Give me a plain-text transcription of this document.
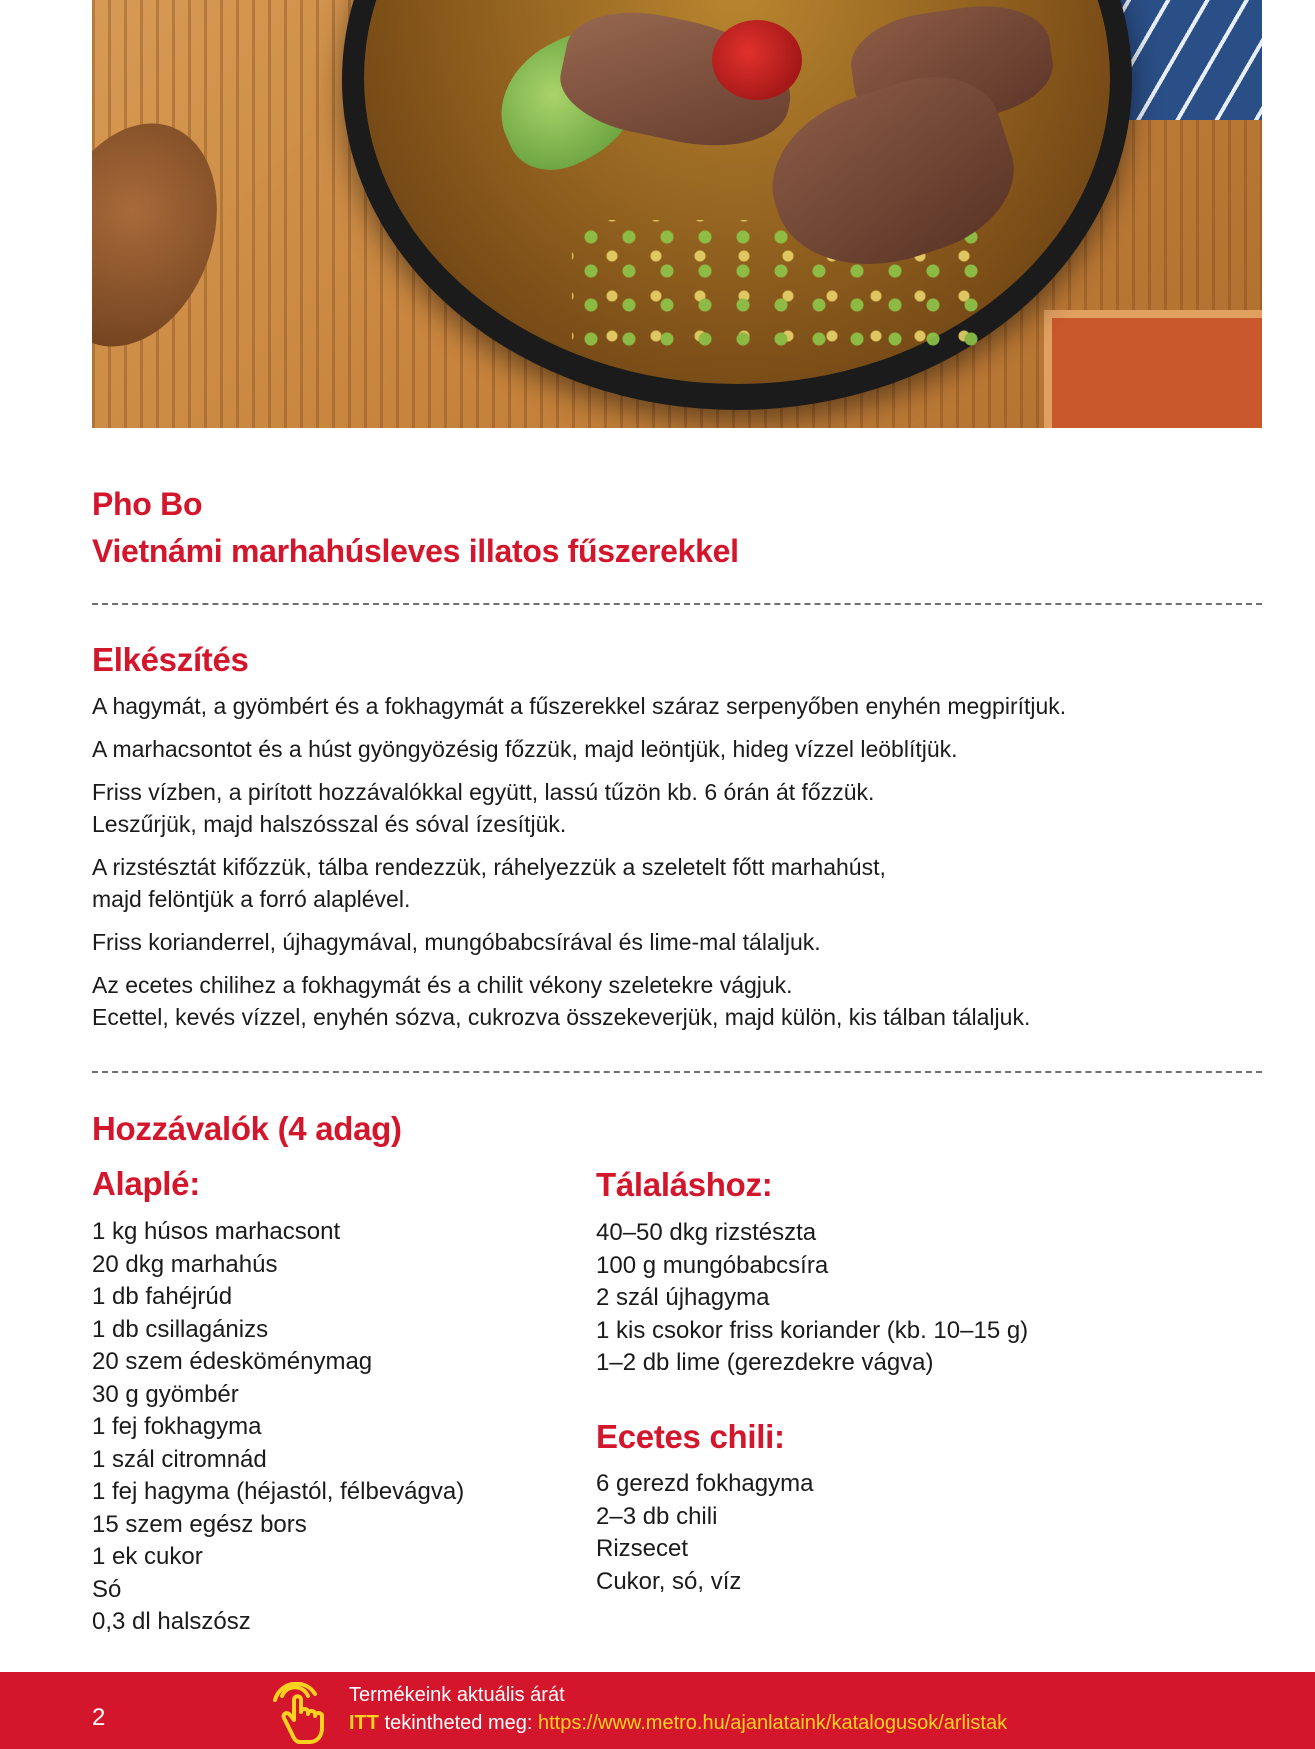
Pho Bo
Vietnámi marhahúsleves illatos fűszerekkel
Elkészítés

A hagymát, a gyömbért és a fokhagymát a fűszerekkel száraz serpenyőben enyhén megpirítjuk.

A marhacsontot és a húst gyöngyözésig főzzük, majd leöntjük, hideg vízzel leöblítjük.

Friss vízben, a pirított hozzávalókkal együtt, lassú tűzön kb. 6 órán át főzzük.
Leszűrjük, majd halszósszal és sóval ízesítjük.

A rizstésztát kifőzzük, tálba rendezzük, ráhelyezzük a szeletelt főtt marhahúst,
majd felöntjük a forró alaplével.

Friss korianderrel, újhagymával, mungóbabcsírával és lime-mal tálaljuk.

Az ecetes chilihez a fokhagymát és a chilit vékony szeletekre vágjuk.
Ecettel, kevés vízzel, enyhén sózva, cukrozva összekeverjük, majd külön, kis tálban tálaljuk.

Hozzávalók (4 adag)
Alaplé:
1 kg húsos marhacsont
20 dkg marhahús
1 db fahéjrúd
1 db csillagánizs
20 szem édesköménymag
30 g gyömbér
1 fej fokhagyma
1 szál citromnád
1 fej hagyma (héjastól, félbevágva)
15 szem egész bors
1 ek cukor
Só
0,3 dl halszósz
Tálaláshoz:
40–50 dkg rizstészta
100 g mungóbabcsíra
2 szál újhagyma
1 kis csokor friss koriander (kb. 10–15 g)
1–2 db lime (gerezdekre vágva)
Ecetes chili:
6 gerezd fokhagyma
2–3 db chili
Rizsecet
Cukor, só, víz
2
Termékeink aktuális árát
ITT tekintheted meg: https://www.metro.hu/ajanlataink/katalogusok/arlistak
